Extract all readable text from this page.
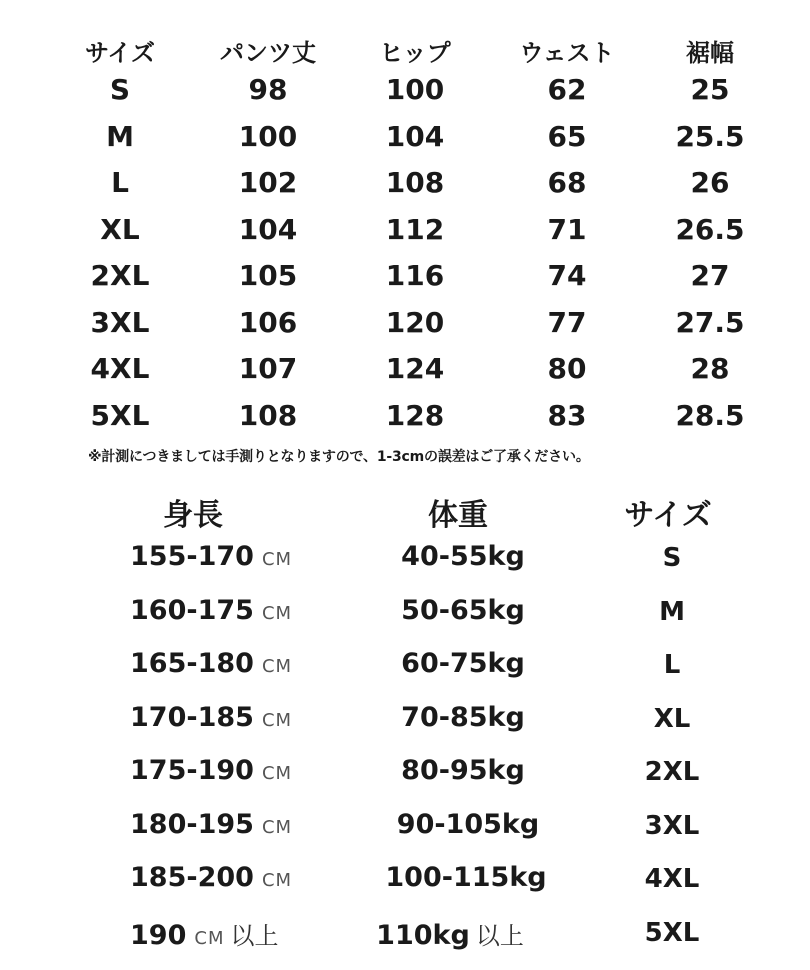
サイズ	パンツ丈	ヒップ	ウェスト	裾幅
S	98	100	62	25
M	100	104	65	25.5
L	102	108	68	26
XL	104	112	71	26.5
2XL	105	116	74	27
3XL	106	120	77	27.5
4XL	107	124	80	28
5XL	108	128	83	28.5
※計測につきましては手測りとなりますので、1-3cmの誤差はご了承ください。
身長	体重	サイズ
155-170 CM	40-55kg	S
160-175 CM	50-65kg	M
165-180 CM	60-75kg	L
170-185 CM	70-85kg	XL
175-190 CM	80-95kg	2XL
180-195 CM	90-105kg	3XL
185-200 CM	100-115kg	4XL
190 CM 以上	110kg 以上	5XL
